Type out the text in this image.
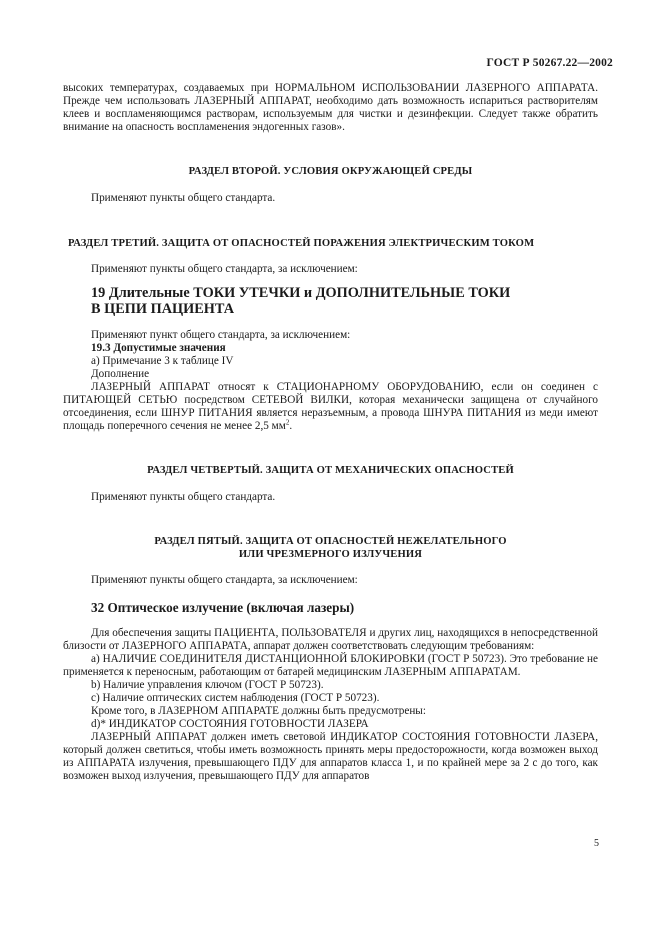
ГОСТ Р 50267.22—2002

высоких температурах, создаваемых при НОРМАЛЬНОМ ИСПОЛЬЗОВАНИИ ЛАЗЕРНОГО АППАРАТА. Прежде чем использовать ЛАЗЕРНЫЙ АППАРАТ, необходимо дать возможность испариться растворителям клеев и воспламеняющимся растворам, используемым для чистки и дезинфекции. Следует также обратить внимание на опасность воспламенения эндогенных газов».

РАЗДЕЛ ВТОРОЙ. УСЛОВИЯ ОКРУЖАЮЩЕЙ СРЕДЫ

Применяют пункты общего стандарта.

РАЗДЕЛ ТРЕТИЙ. ЗАЩИТА ОТ ОПАСНОСТЕЙ ПОРАЖЕНИЯ ЭЛЕКТРИЧЕСКИМ ТОКОМ

Применяют пункты общего стандарта, за исключением:

19 Длительные ТОКИ УТЕЧКИ и ДОПОЛНИТЕЛЬНЫЕ ТОКИ

В ЦЕПИ ПАЦИЕНТА

Применяют пункт общего стандарта, за исключением:

19.3 Допустимые значения

а) Примечание 3 к таблице IV

Дополнение

ЛАЗЕРНЫЙ АППАРАТ относят к СТАЦИОНАРНОМУ ОБОРУДОВАНИЮ, если он соединен с ПИТАЮЩЕЙ СЕТЬЮ посредством СЕТЕВОЙ ВИЛКИ, которая механически защищена от случайного отсоединения, если ШНУР ПИТАНИЯ является неразъемным, а провода ШНУРА ПИТАНИЯ из меди имеют площадь поперечного сечения не менее 2,5 $мм^2$.

РАЗДЕЛ ЧЕТВЕРТЫЙ. ЗАЩИТА ОТ МЕХАНИЧЕСКИХ ОПАСНОСТЕЙ

Применяют пункты общего стандарта.

РАЗДЕЛ ПЯТЫЙ. ЗАЩИТА ОТ ОПАСНОСТЕЙ НЕЖЕЛАТЕЛЬНОГО

ИЛИ ЧРЕЗМЕРНОГО ИЗЛУЧЕНИЯ

Применяют пункты общего стандарта, за исключением:

32 Оптическое излучение (включая лазеры)

Для обеспечения защиты ПАЦИЕНТА, ПОЛЬЗОВАТЕЛЯ и других лиц, находящихся в непосредственной близости от ЛАЗЕРНОГО АППАРАТА, аппарат должен соответствовать следующим требованиям:

а) НАЛИЧИЕ СОЕДИНИТЕЛЯ ДИСТАНЦИОННОЙ БЛОКИРОВКИ (ГОСТ Р 50723). Это требование не применяется к переносным, работающим от батарей медицинским ЛАЗЕРНЫМ АППАРАТАМ.

b) Наличие управления ключом (ГОСТ Р 50723).

c) Наличие оптических систем наблюдения (ГОСТ Р 50723).

Кроме того, в ЛАЗЕРНОМ АППАРАТЕ должны быть предусмотрены:

d)* ИНДИКАТОР СОСТОЯНИЯ ГОТОВНОСТИ ЛАЗЕРА

ЛАЗЕРНЫЙ АППАРАТ должен иметь световой ИНДИКАТОР СОСТОЯНИЯ ГОТОВНОСТИ ЛАЗЕРА, который должен светиться, чтобы иметь возможность принять меры предосторожности, когда возможен выход из АППАРАТА излучения, превышающего ПДУ для аппаратов класса 1, и по крайней мере за 2 с до того, как возможен выход излучения, превышающего ПДУ для аппаратов

5
